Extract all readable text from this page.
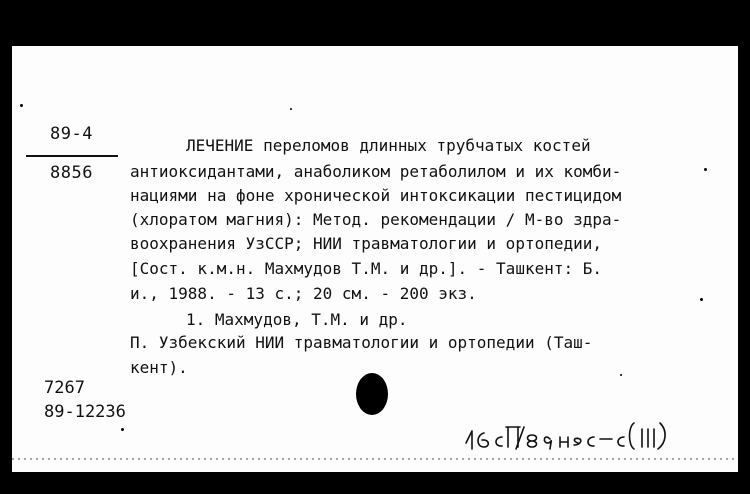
89-4
8856
ЛЕЧЕНИЕ переломов длинных трубчатых костей
антиоксидантами, анаболиком ретаболилом и их комби-
нациями на фоне хронической интоксикации пестицидом
(хлоратом магния): Метод. рекомендации / М-во здра-
воохранения УзССР; НИИ травматологии и ортопедии,
[Сост. к.м.н. Махмудов Т.М. и др.]. - Ташкент: Б.
и., 1988. - 13 с.; 20 см. - 200 экз.
1. Махмудов, Т.М. и др.
П. Узбекский НИИ травматологии и ортопедии (Таш-
кент).
7267
89-12236
